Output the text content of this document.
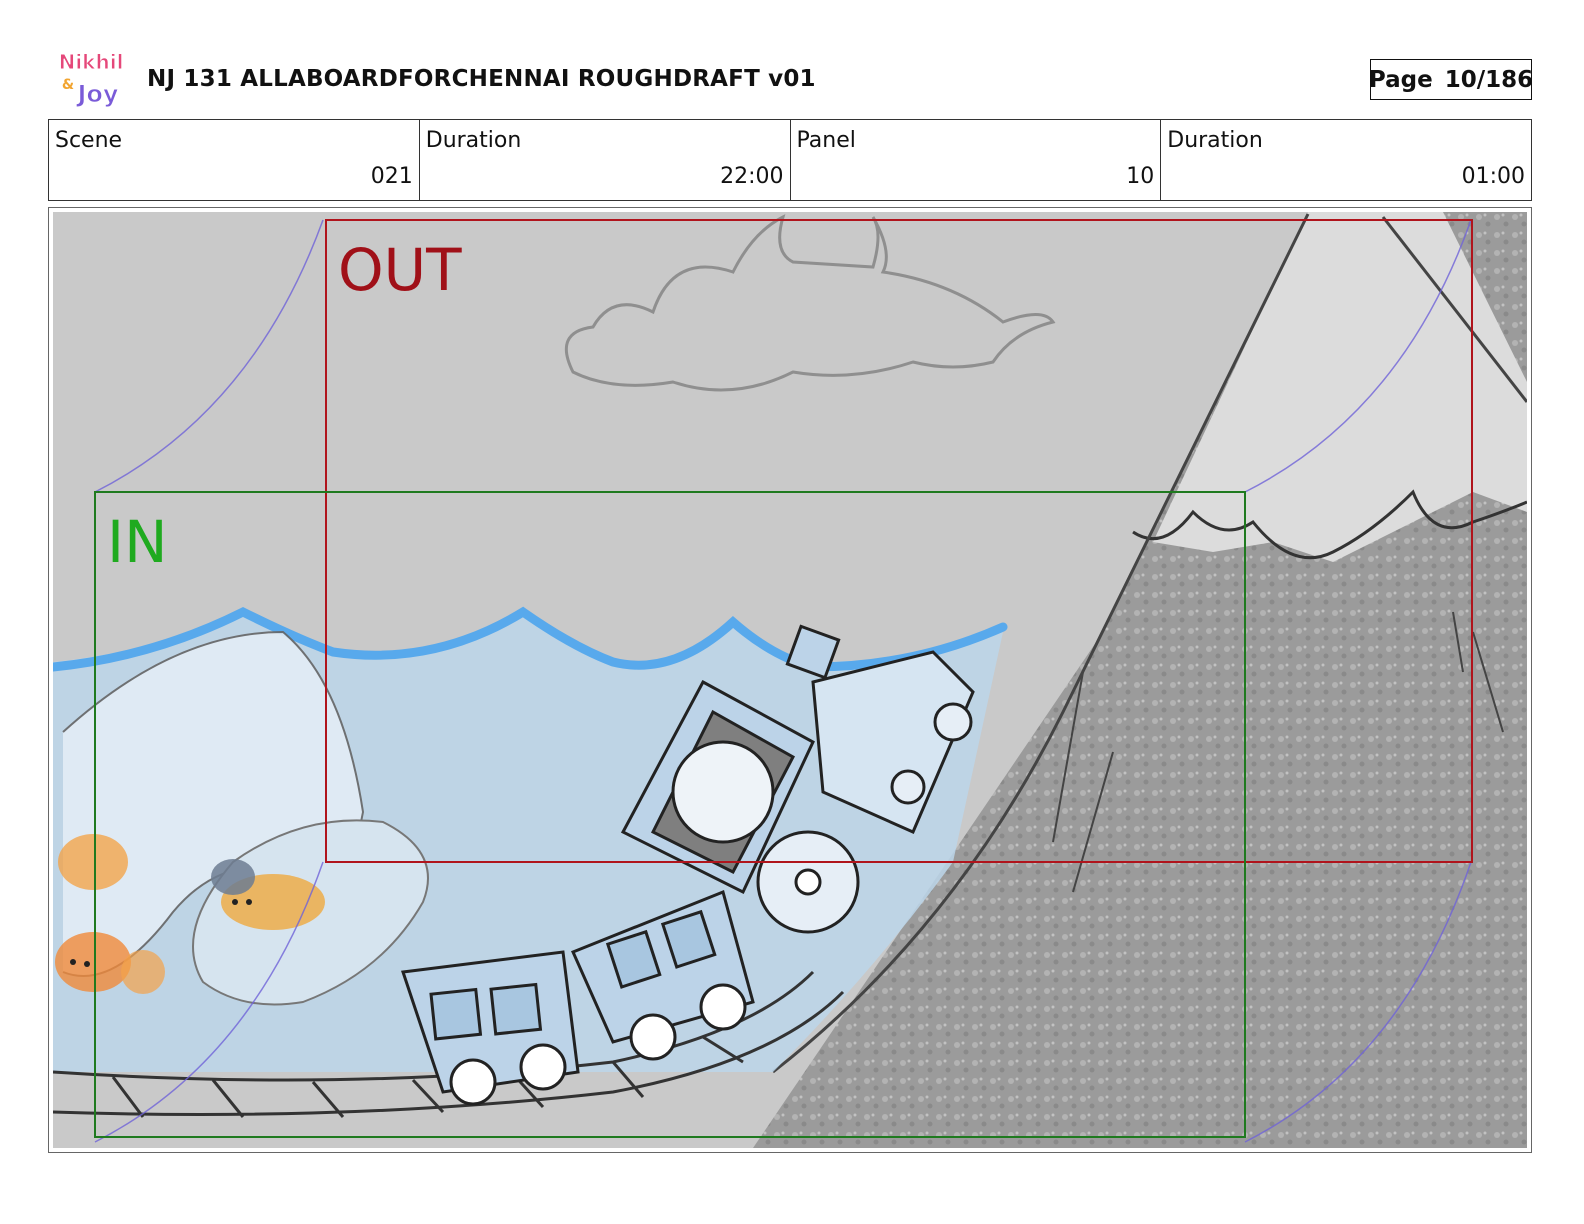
Nikhil
& Joy
NJ 131 ALLABOARDFORCHENNAI ROUGHDRAFT v01	Page 10/186
Scene
021
Duration
22:00
Panel
10
Duration
01:00
OUT
IN
